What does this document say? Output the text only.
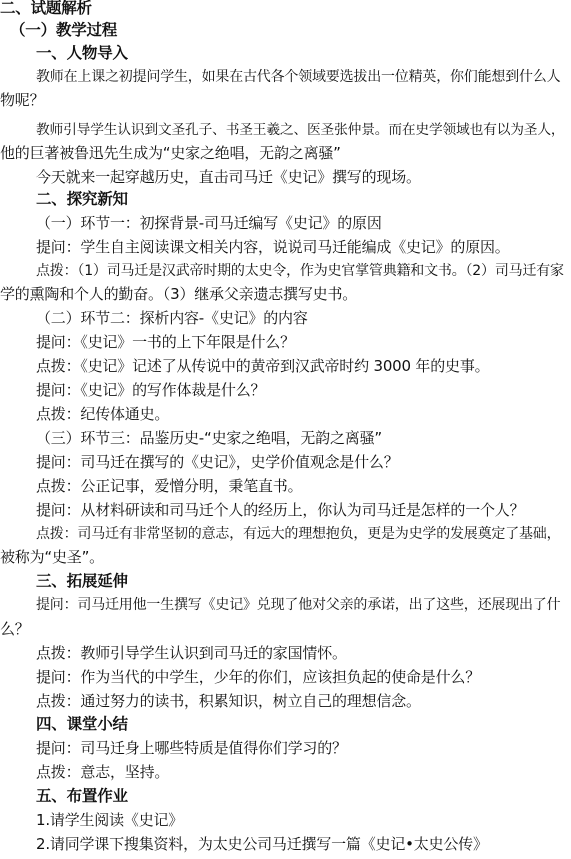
二、试题解析
（一）教学过程
一、人物导入
教师在上课之初提问学生，如果在古代各个领域要选拔出一位精英，你们能想到什么人
物呢？
教师引导学生认识到文圣孔子、书圣王羲之、医圣张仲景。而在史学领域也有以为圣人，
他的巨著被鲁迅先生成为“史家之绝唱，无韵之离骚”
今天就来一起穿越历史，直击司马迁《史记》撰写的现场。
二、探究新知
（一）环节一：初探背景-司马迁编写《史记》的原因
提问：学生自主阅读课文相关内容，说说司马迁能编成《史记》的原因。
点拨：（1）司马迁是汉武帝时期的太史令，作为史官掌管典籍和文书。（2）司马迁有家
学的熏陶和个人的勤奋。（3）继承父亲遗志撰写史书。
（二）环节二：探析内容-《史记》的内容
提问：《史记》一书的上下年限是什么？
点拨：《史记》记述了从传说中的黄帝到汉武帝时约 3000 年的史事。
提问：《史记》的写作体裁是什么？
点拨：纪传体通史。
（三）环节三：品鉴历史-“史家之绝唱，无韵之离骚”
提问：司马迁在撰写的《史记》，史学价值观念是什么？
点拨：公正记事，爱憎分明，秉笔直书。
提问：从材料研读和司马迁个人的经历上，你认为司马迁是怎样的一个人？
点拨：司马迁有非常坚韧的意志，有远大的理想抱负，更是为史学的发展奠定了基础，
被称为“史圣”。
三、拓展延伸
提问：司马迁用他一生撰写《史记》兑现了他对父亲的承诺，出了这些，还展现出了什
么？
点拨：教师引导学生认识到司马迁的家国情怀。
提问：作为当代的中学生，少年的你们，应该担负起的使命是什么？
点拨：通过努力的读书，积累知识，树立自己的理想信念。
四、课堂小结
提问：司马迁身上哪些特质是值得你们学习的？
点拨：意志，坚持。
五、布置作业
1.请学生阅读《史记》
2.请同学课下搜集资料，为太史公司马迁撰写一篇《史记•太史公传》
